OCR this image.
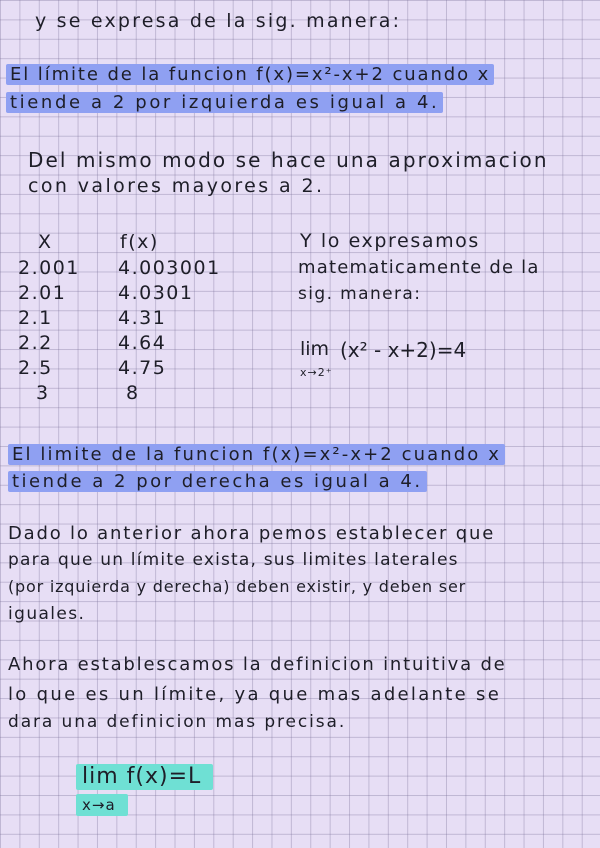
y se expresa de la sig. manera:
El límite de la funcion f(x)=x²-x+2 cuando x
tiende a 2 por izquierda es igual a 4.
Del mismo modo se hace una aproximacion
con valores mayores a 2.
X	f(x)
2.001
2.01
2.1
2.2
2.5
3
4.003001
4.0301
4.31
4.64
4.75
8
Y lo expresamos
matematicamente de la
sig. manera:
lim (x² - x+2)=4
x→2⁺
El limite de la funcion f(x)=x²-x+2 cuando x
tiende a 2 por derecha es igual a 4.
Dado lo anterior ahora pemos establecer que
para que un límite exista, sus limites laterales
(por izquierda y derecha) deben existir, y deben ser
iguales.
Ahora establescamos la definicion intuitiva de
lo que es un límite, ya que mas adelante se
dara una definicion mas precisa.
lim f(x)=L
x→a
